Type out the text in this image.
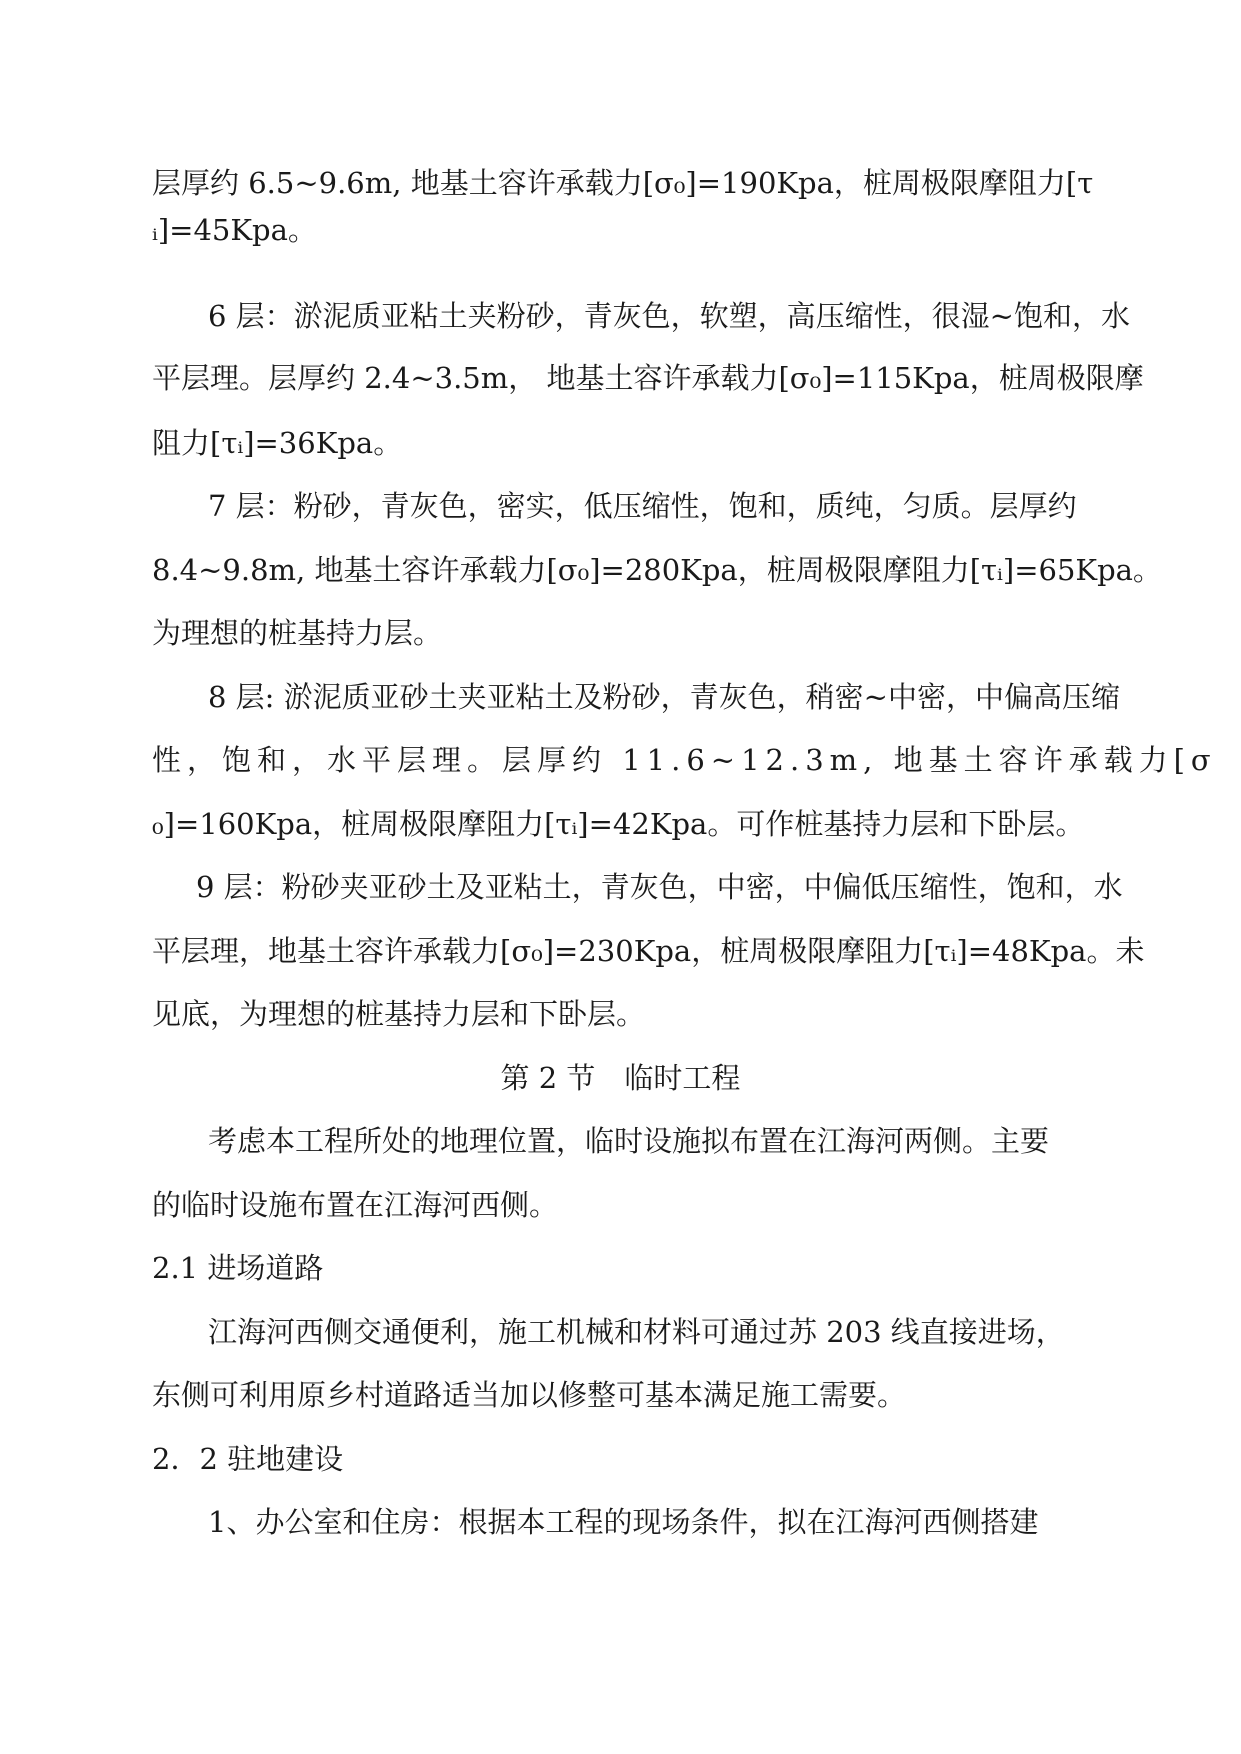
层厚约 6.5~9.6m, 地基土容许承载力[σ₀]=190Kpa，桩周极限摩阻力[τ

ᵢ]=45Kpa。

6 层：淤泥质亚粘土夹粉砂，青灰色，软塑，高压缩性，很湿~饱和，水

平层理。层厚约 2.4~3.5m， 地基土容许承载力[σ₀]=115Kpa，桩周极限摩

阻力[τᵢ]=36Kpa。

7 层：粉砂，青灰色，密实，低压缩性，饱和，质纯，匀质。层厚约

8.4~9.8m, 地基土容许承载力[σ₀]=280Kpa，桩周极限摩阻力[τᵢ]=65Kpa。

为理想的桩基持力层。

8 层: 淤泥质亚砂土夹亚粘土及粉砂，青灰色，稍密~中密，中偏高压缩

性，饱和，水平层理。层厚约 11.6~12.3m, 地基土容许承载力[σ

₀]=160Kpa，桩周极限摩阻力[τᵢ]=42Kpa。可作桩基持力层和下卧层。

9 层：粉砂夹亚砂土及亚粘土，青灰色，中密，中偏低压缩性，饱和，水

平层理，地基土容许承载力[σ₀]=230Kpa，桩周极限摩阻力[τᵢ]=48Kpa。未

见底，为理想的桩基持力层和下卧层。

第 2 节　临时工程

考虑本工程所处的地理位置，临时设施拟布置在江海河两侧。主要

的临时设施布置在江海河西侧。

2.1 进场道路

江海河西侧交通便利，施工机械和材料可通过苏 203 线直接进场，

东侧可利用原乡村道路适当加以修整可基本满足施工需要。

2．2 驻地建设

1、办公室和住房：根据本工程的现场条件，拟在江海河西侧搭建
